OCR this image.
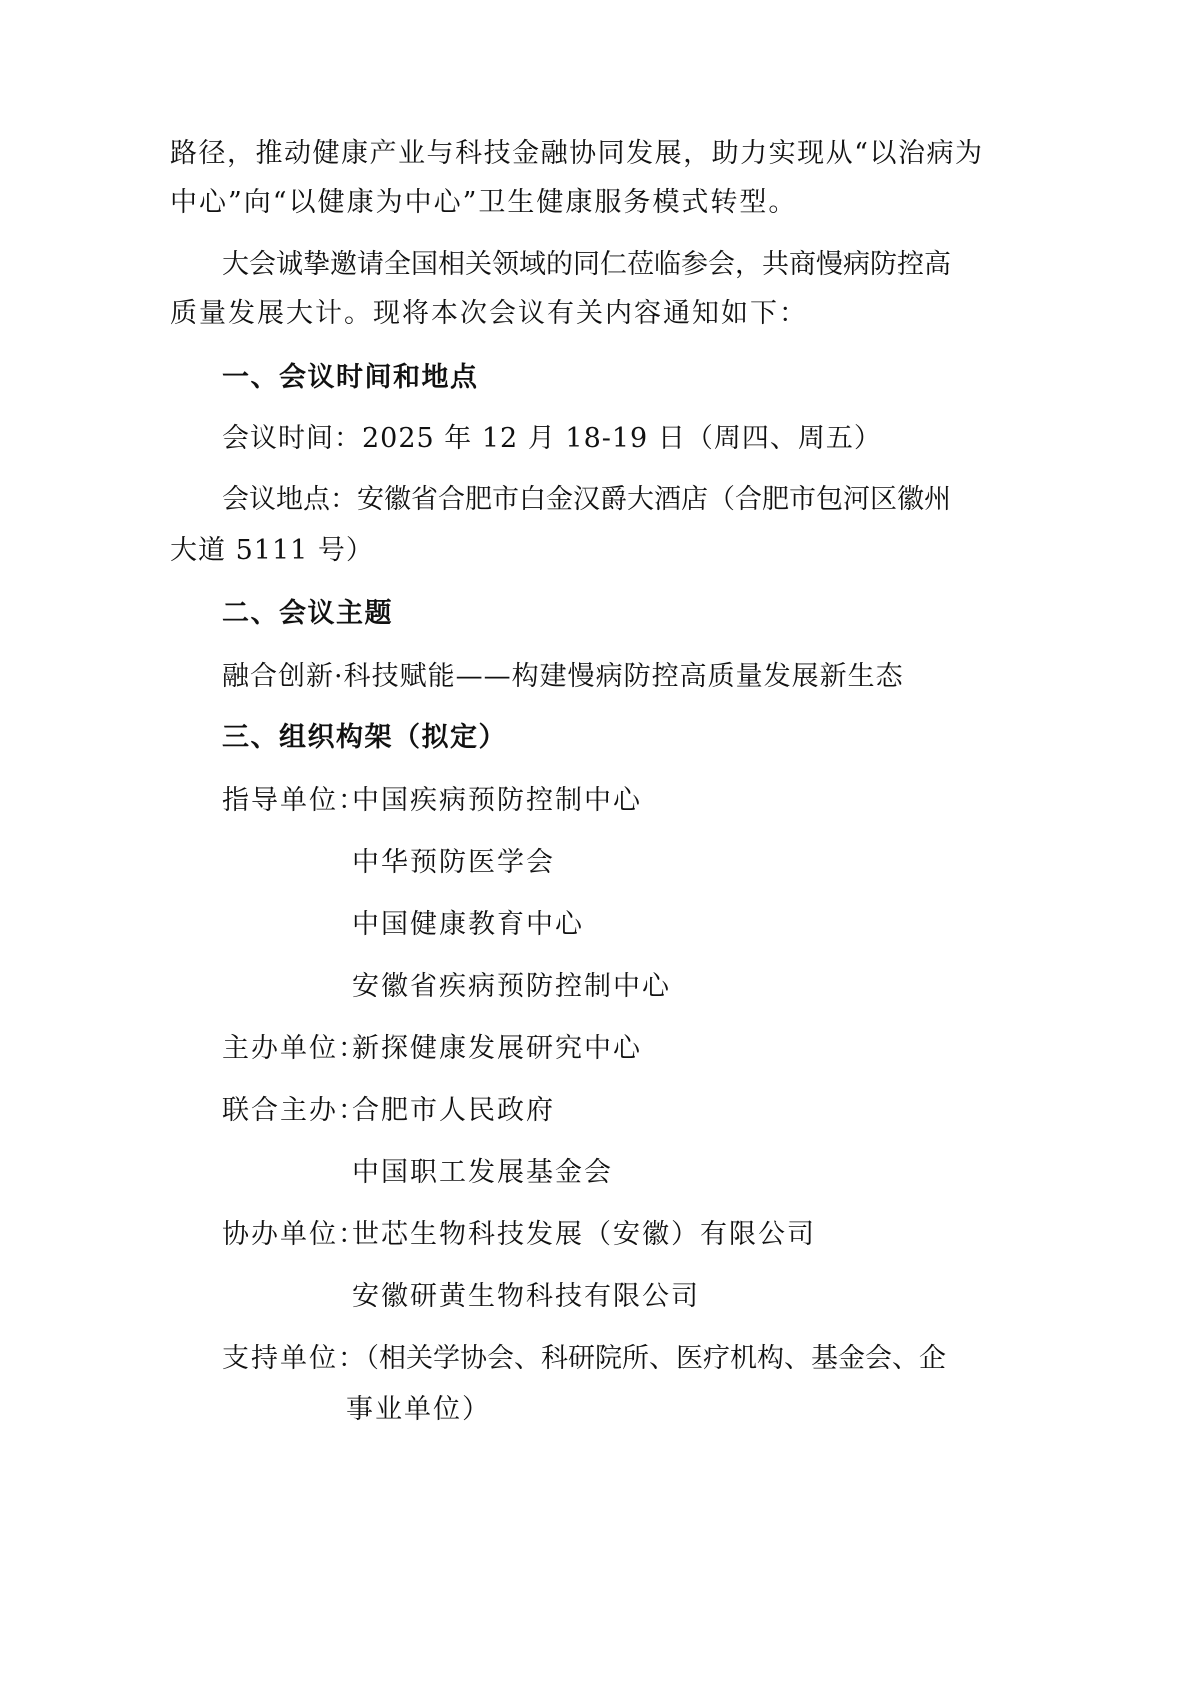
路径，推动健康产业与科技金融协同发展，助力实现从“以治病为
中心”向“以健康为中心”卫生健康服务模式转型。
大会诚挚邀请全国相关领域的同仁莅临参会，共商慢病防控高
质量发展大计。现将本次会议有关内容通知如下：
一、会议时间和地点
会议时间：2025 年 12 月 18-19 日（周四、周五）
会议地点：安徽省合肥市白金汉爵大酒店（合肥市包河区徽州
大道 5111 号）
二、会议主题
融合创新·科技赋能——构建慢病防控高质量发展新生态
三、组织构架（拟定）
指导单位：
中国疾病预防控制中心
中华预防医学会
中国健康教育中心
安徽省疾病预防控制中心
主办单位：
新探健康发展研究中心
联合主办：
合肥市人民政府
中国职工发展基金会
协办单位：
世芯生物科技发展（安徽）有限公司
安徽研黄生物科技有限公司
支持单位：
（相关学协会、科研院所、医疗机构、基金会、企
事业单位）
